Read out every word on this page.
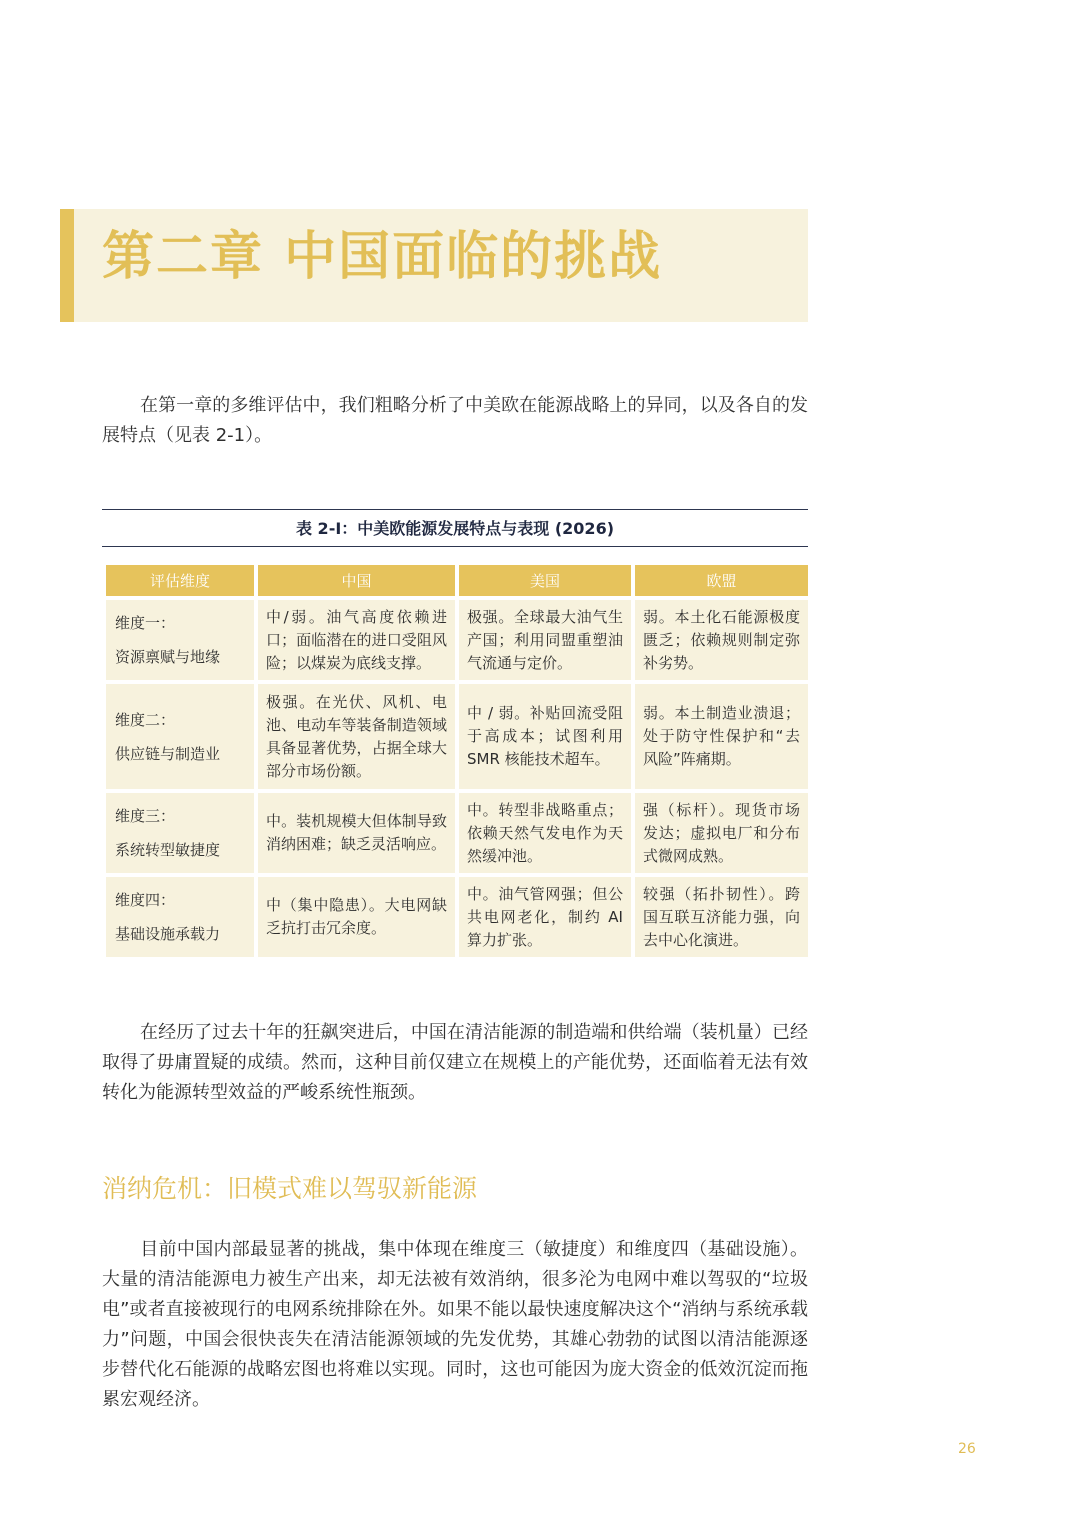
第二章 中国面临的挑战

在第一章的多维评估中，我们粗略分析了中美欧在能源战略上的异同，以及各自的发展特点（见表 2-1）。

表 2-I：中美欧能源发展特点与表现 (2026)
评估维度	中国	美国	欧盟
维度一：
资源禀赋与地缘	中/弱。油气高度依赖进口；面临潜在的进口受阻风险；以煤炭为底线支撑。	极强。全球最大油气生产国；利用同盟重塑油气流通与定价。	弱。本土化石能源极度匮乏；依赖规则制定弥补劣势。
维度二：
供应链与制造业	极强。在光伏、风机、电池、电动车等装备制造领域具备显著优势，占据全球大部分市场份额。	中 / 弱。补贴回流受阻于高成本；试图利用 SMR 核能技术超车。	弱。本土制造业溃退；处于防守性保护和“去风险”阵痛期。
维度三：
系统转型敏捷度	中。装机规模大但体制导致消纳困难；缺乏灵活响应。	中。转型非战略重点；依赖天然气发电作为天然缓冲池。	强（标杆）。现货市场发达；虚拟电厂和分布式微网成熟。
维度四：
基础设施承载力	中（集中隐患）。大电网缺乏抗打击冗余度。	中。油气管网强；但公共电网老化，制约 AI 算力扩张。	较强（拓扑韧性）。跨国互联互济能力强，向去中心化演进。

在经历了过去十年的狂飙突进后，中国在清洁能源的制造端和供给端（装机量）已经取得了毋庸置疑的成绩。然而，这种目前仅建立在规模上的产能优势，还面临着无法有效转化为能源转型效益的严峻系统性瓶颈。

消纳危机：旧模式难以驾驭新能源

目前中国内部最显著的挑战，集中体现在维度三（敏捷度）和维度四（基础设施）。大量的清洁能源电力被生产出来，却无法被有效消纳，很多沦为电网中难以驾驭的“垃圾电”或者直接被现行的电网系统排除在外。如果不能以最快速度解决这个“消纳与系统承载力”问题，中国会很快丧失在清洁能源领域的先发优势，其雄心勃勃的试图以清洁能源逐步替代化石能源的战略宏图也将难以实现。同时，这也可能因为庞大资金的低效沉淀而拖累宏观经济。

26
